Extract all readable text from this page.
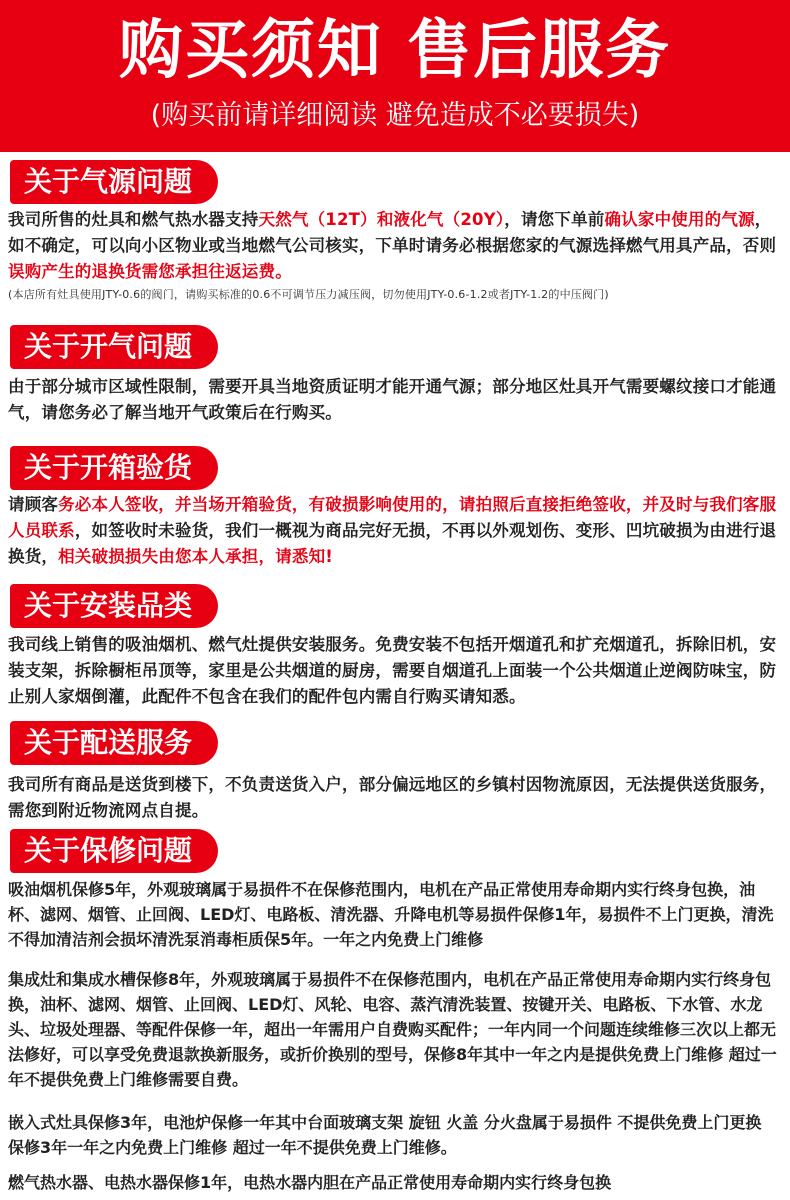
购买须知 售后服务
(购买前请详细阅读 避免造成不必要损失)
关于气源问题
我司所售的灶具和燃气热水器支持天然气（12T）和液化气（20Y），请您下单前确认家中使用的气源，如不确定，可以向小区物业或当地燃气公司核实，下单时请务必根据您家的气源选择燃气用具产品，否则误购产生的退换货需您承担往返运费。
(本店所有灶具使用JTY-0.6的阀门，请购买标准的0.6不可调节压力减压阀，切勿使用JTY-0.6-1.2或者JTY-1.2的中压阀门)
关于开气问题
由于部分城市区域性限制，需要开具当地资质证明才能开通气源；部分地区灶具开气需要螺纹接口才能通气，请您务必了解当地开气政策后在行购买。
关于开箱验货
请顾客务必本人签收，并当场开箱验货，有破损影响使用的，请拍照后直接拒绝签收，并及时与我们客服人员联系，如签收时未验货，我们一概视为商品完好无损，不再以外观划伤、变形、凹坑破损为由进行退换货，相关破损损失由您本人承担，请悉知!
关于安装品类
我司线上销售的吸油烟机、燃气灶提供安装服务。免费安装不包括开烟道孔和扩充烟道孔，拆除旧机，安装支架，拆除橱柜吊顶等，家里是公共烟道的厨房，需要自烟道孔上面装一个公共烟道止逆阀防味宝，防止别人家烟倒灌，此配件不包含在我们的配件包内需自行购买请知悉。
关于配送服务
我司所有商品是送货到楼下，不负责送货入户，部分偏远地区的乡镇村因物流原因，无法提供送货服务，需您到附近物流网点自提。
关于保修问题
吸油烟机保修5年，外观玻璃属于易损件不在保修范围内，电机在产品正常使用寿命期内实行终身包换，油杯、滤网、烟管、止回阀、LED灯、电路板、清洗器、升降电机等易损件保修1年，易损件不上门更换，清洗不得加清洁剂会损坏清洗泵消毒柜质保5年。一年之内免费上门维修
集成灶和集成水槽保修8年，外观玻璃属于易损件不在保修范围内，电机在产品正常使用寿命期内实行终身包换，油杯、滤网、烟管、止回阀、LED灯、风轮、电容、蒸汽清洗装置、按键开关、电路板、下水管、水龙头、垃圾处理器、等配件保修一年，超出一年需用户自费购买配件；一年内同一个问题连续维修三次以上都无法修好，可以享受免费退款换新服务，或折价换别的型号，保修8年其中一年之内是提供免费上门维修 超过一年不提供免费上门维修需要自费。
嵌入式灶具保修3年，电池炉保修一年其中台面玻璃支架 旋钮 火盖 分火盘属于易损件 不提供免费上门更换 保修3年一年之内免费上门维修 超过一年不提供免费上门维修。
燃气热水器、电热水器保修1年，电热水器内胆在产品正常使用寿命期内实行终身包换
